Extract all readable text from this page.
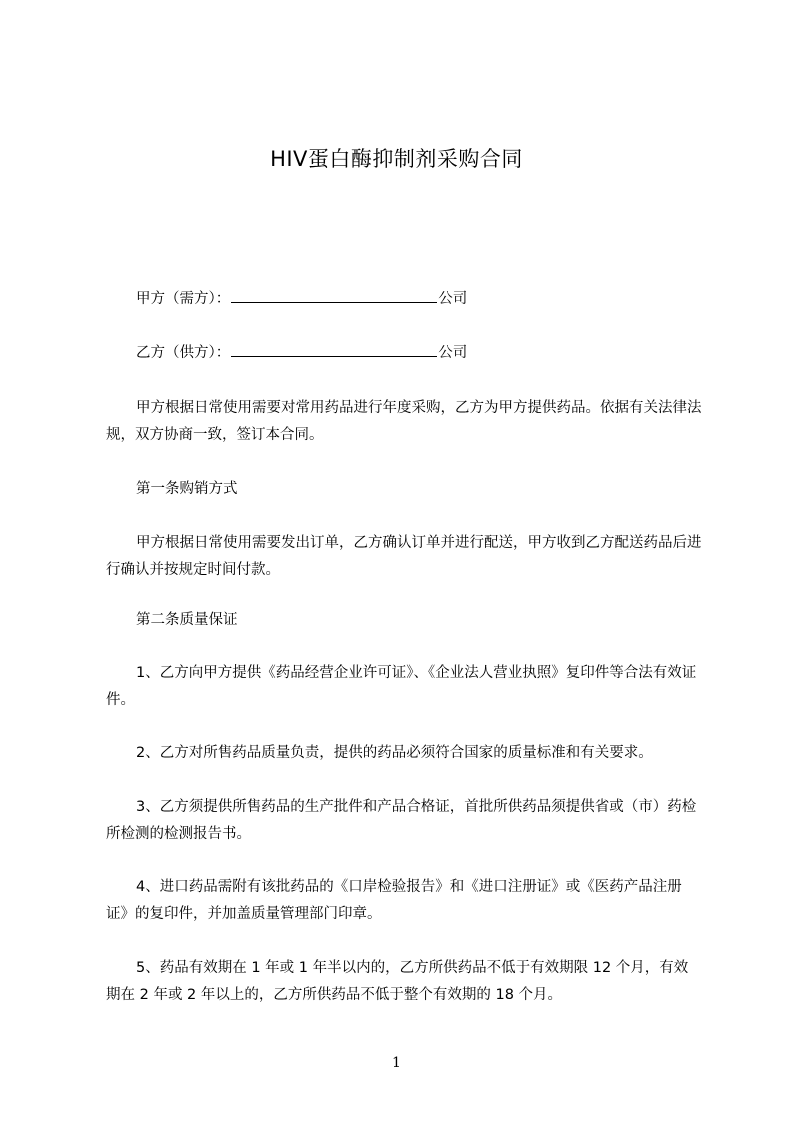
HIV蛋白酶抑制剂采购合同
甲方（需方）：	公司
乙方（供方）：	公司
甲方根据日常使用需要对常用药品进行年度采购，乙方为甲方提供药品。依据有关法律法规，双方协商一致，签订本合同。
第一条购销方式
甲方根据日常使用需要发出订单，乙方确认订单并进行配送，甲方收到乙方配送药品后进行确认并按规定时间付款。
第二条质量保证
1、乙方向甲方提供《药品经营企业许可证》、《企业法人营业执照》复印件等合法有效证件。
2、乙方对所售药品质量负责，提供的药品必须符合国家的质量标准和有关要求。
3、乙方须提供所售药品的生产批件和产品合格证，首批所供药品须提供省或（市）药检所检测的检测报告书。
4、进口药品需附有该批药品的《口岸检验报告》和《进口注册证》或《医药产品注册证》的复印件，并加盖质量管理部门印章。
5、药品有效期在 1 年或 1 年半以内的，乙方所供药品不低于有效期限 12 个月，有效期在 2 年或 2 年以上的，乙方所供药品不低于整个有效期的 18 个月。
1
